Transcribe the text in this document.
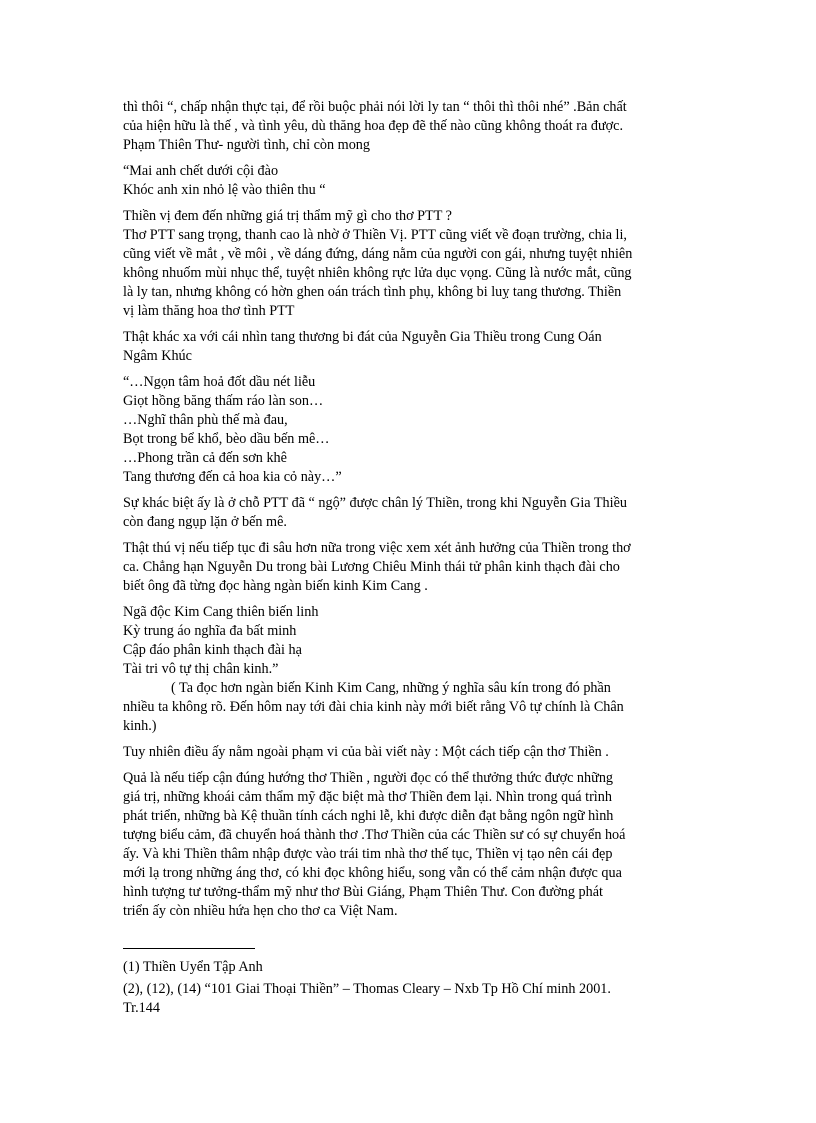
thì thôi “, chấp nhận thực tại, để rồi buộc phải nói lời ly tan “ thôi thì thôi nhé” .Bản chất
của hiện hữu là thế , và tình yêu, dù thăng hoa đẹp đẽ thế nào cũng không thoát ra được.
Phạm Thiên Thư- người tình, chỉ còn mong

“Mai anh chết dưới cội đào
Khóc anh xin nhỏ lệ vào thiên thu “

Thiền vị đem đến những giá trị thẩm mỹ gì cho thơ PTT ?
Thơ PTT sang trọng, thanh cao là nhờ ở Thiền Vị. PTT cũng viết về đoạn trường, chia li,
cũng viết về mắt , về môi , về dáng đứng, dáng nằm của người con gái, nhưng tuyệt nhiên
không nhuốm mùi nhục thể, tuyệt nhiên không rực lửa dục vọng. Cũng là nước mắt, cũng
là ly tan, nhưng không có hờn ghen oán trách tình phụ, không bi luỵ tang thương. Thiền
vị làm thăng hoa thơ tình PTT

Thật khác xa với cái nhìn tang thương bi đát của Nguyễn Gia Thiều trong Cung Oán
Ngâm Khúc

“…Ngọn tâm hoả đốt dầu nét liễu
Giọt hồng băng thấm ráo làn son…
…Nghĩ thân phù thế mà đau,
Bọt trong bể khổ, bèo dầu bến mê…
…Phong trần cả đến sơn khê
Tang thương đến cả hoa kia cỏ này…”

Sự khác biệt ấy là ở chỗ PTT đã “ ngộ” được chân lý Thiền, trong khi Nguyễn Gia Thiều
còn đang ngụp lặn ở bến mê.

Thật thú vị nếu tiếp tục đi sâu hơn nữa trong việc xem xét ảnh hưởng của Thiền trong thơ
ca. Chẳng hạn Nguyễn Du trong bài Lương Chiêu Minh thái tử phân kinh thạch đài cho
biết ông đã từng đọc hàng ngàn biến kinh Kim Cang .

Ngã độc Kim Cang thiên biến linh
Kỳ trung áo nghĩa đa bất minh
Cập đáo phân kinh thạch đài hạ
Tài tri vô tự thị chân kinh.”

( Ta đọc hơn ngàn biến Kinh Kim Cang, những ý nghĩa sâu kín trong đó phần
nhiều ta không rõ. Đến hôm nay tới đài chia kinh này mới biết rằng Vô tự chính là Chân
kinh.)

Tuy nhiên điều ấy nằm ngoài phạm vi của bài viết này : Một cách tiếp cận thơ Thiền .

Quả là nếu tiếp cận đúng hướng thơ Thiền , người đọc có thể thưởng thức được những
giá trị, những khoái cảm thẩm mỹ đặc biệt mà thơ Thiền đem lại. Nhìn trong quá trình
phát triển, những bà Kệ thuần tính cách nghi lễ, khi được diễn đạt bằng ngôn ngữ hình
tượng biểu cảm, đã chuyển hoá thành thơ .Thơ Thiền của các Thiền sư có sự chuyển hoá
ấy. Và khi Thiền thâm nhập được vào trái tim nhà thơ thế tục, Thiền vị tạo nên cái đẹp
mới lạ trong những áng thơ, có khi đọc không hiểu, song vẫn có thể cảm nhận được qua
hình tượng tư tưởng-thẩm mỹ như thơ Bùi Giáng, Phạm Thiên Thư. Con đường phát
triển ấy còn nhiều hứa hẹn cho thơ ca Việt Nam.

(1) Thiền Uyển Tập Anh

(2), (12), (14) “101 Giai Thoại Thiền” – Thomas Cleary – Nxb Tp Hồ Chí minh 2001.
Tr.144
